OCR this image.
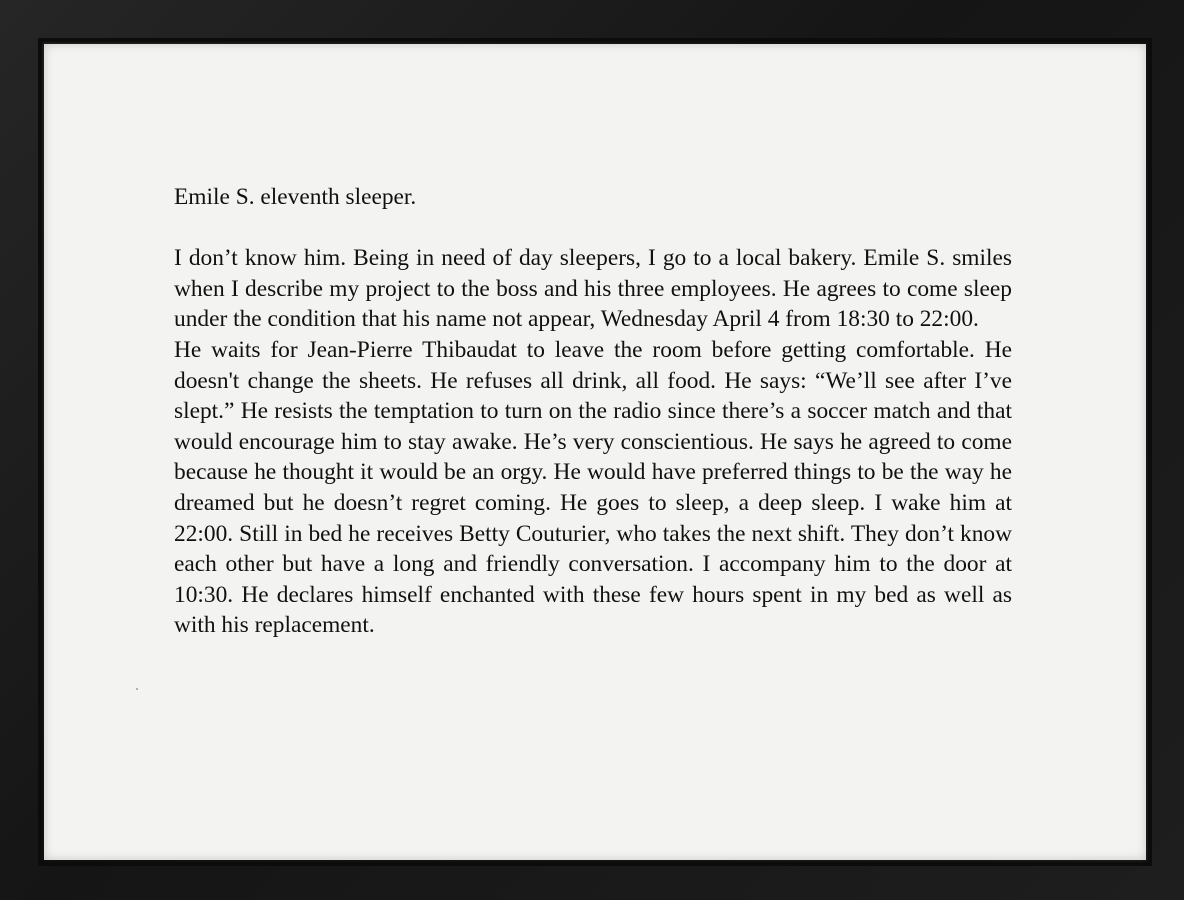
Emile S. eleventh sleeper.

I don’t know him. Being in need of day sleepers, I go to a local bakery. Emile S. smiles when I describe my project to the boss and his three employees. He agrees to come sleep under the condition that his name not appear, Wednesday April 4 from 18:30 to 22:00.

He waits for Jean-Pierre Thibaudat to leave the room before getting comfortable. He doesn't change the sheets. He refuses all drink, all food. He says: “We’ll see after I’ve slept.” He resists the temptation to turn on the radio since there’s a soccer match and that would encourage him to stay awake. He’s very conscientious. He says he agreed to come because he thought it would be an orgy. He would have preferred things to be the way he dreamed but he doesn’t regret coming. He goes to sleep, a deep sleep. I wake him at 22:00. Still in bed he receives Betty Couturier, who takes the next shift. They don’t know each other but have a long and friendly conversation. I accompany him to the door at 10:30. He declares himself enchanted with these few hours spent in my bed as well as with his replacement.
